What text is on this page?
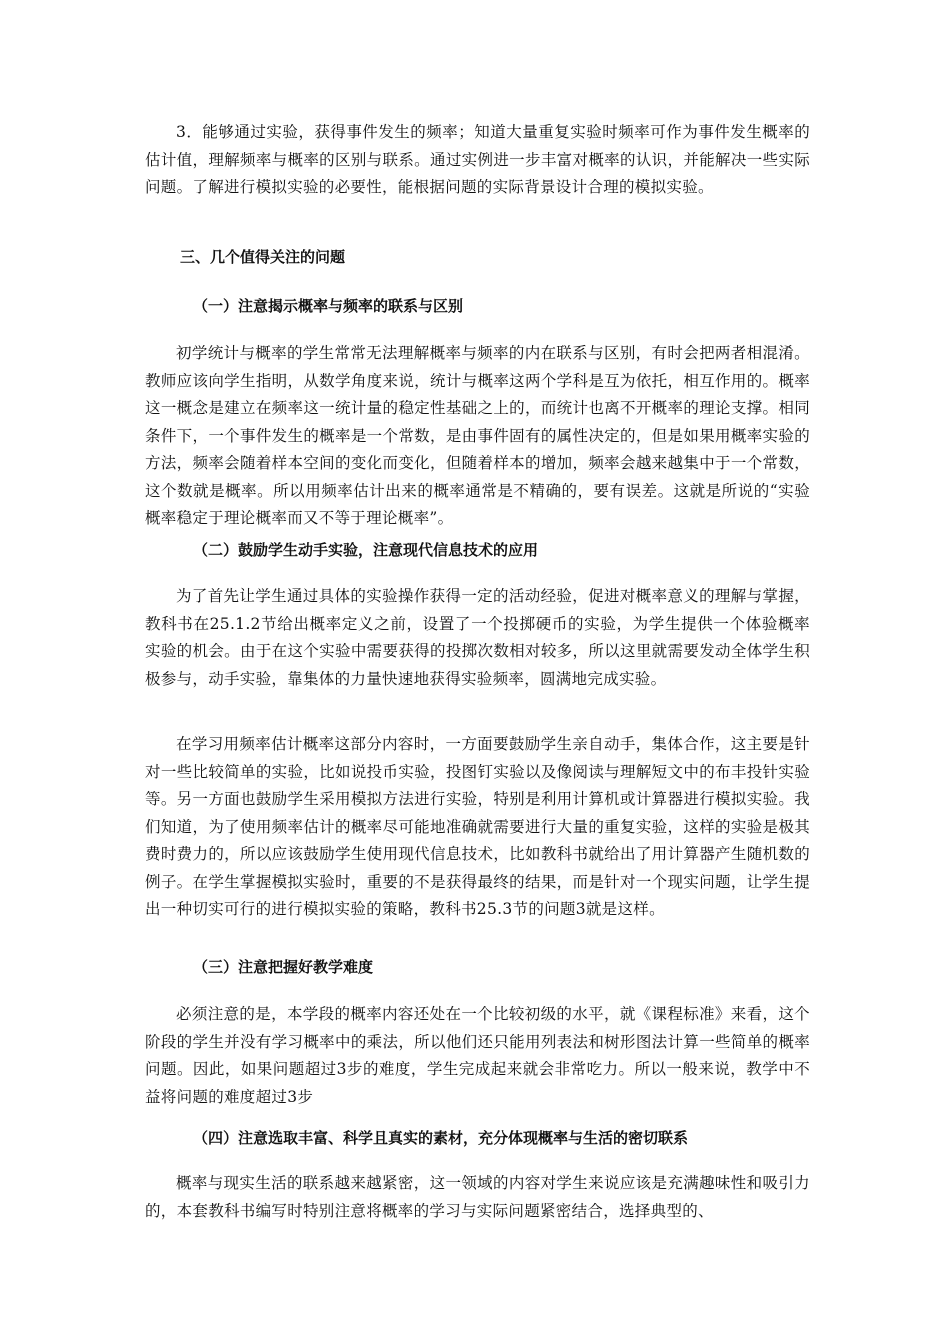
3．能够通过实验，获得事件发生的频率；知道大量重复实验时频率可作为事件发生概率的估计值，理解频率与概率的区别与联系。通过实例进一步丰富对概率的认识，并能解决一些实际问题。了解进行模拟实验的必要性，能根据问题的实际背景设计合理的模拟实验。

三、几个值得关注的问题

（一）注意揭示概率与频率的联系与区别

初学统计与概率的学生常常无法理解概率与频率的内在联系与区别，有时会把两者相混淆。教师应该向学生指明，从数学角度来说，统计与概率这两个学科是互为依托，相互作用的。概率这一概念是建立在频率这一统计量的稳定性基础之上的，而统计也离不开概率的理论支撑。相同条件下，一个事件发生的概率是一个常数，是由事件固有的属性决定的，但是如果用概率实验的方法，频率会随着样本空间的变化而变化，但随着样本的增加，频率会越来越集中于一个常数，这个数就是概率。所以用频率估计出来的概率通常是不精确的，要有误差。这就是所说的“实验概率稳定于理论概率而又不等于理论概率”。

（二）鼓励学生动手实验，注意现代信息技术的应用

为了首先让学生通过具体的实验操作获得一定的活动经验，促进对概率意义的理解与掌握，教科书在25.1.2节给出概率定义之前，设置了一个投掷硬币的实验，为学生提供一个体验概率实验的机会。由于在这个实验中需要获得的投掷次数相对较多，所以这里就需要发动全体学生积极参与，动手实验，靠集体的力量快速地获得实验频率，圆满地完成实验。

在学习用频率估计概率这部分内容时，一方面要鼓励学生亲自动手，集体合作，这主要是针对一些比较简单的实验，比如说投币实验，投图钉实验以及像阅读与理解短文中的布丰投针实验等。另一方面也鼓励学生采用模拟方法进行实验，特别是利用计算机或计算器进行模拟实验。我们知道，为了使用频率估计的概率尽可能地准确就需要进行大量的重复实验，这样的实验是极其费时费力的，所以应该鼓励学生使用现代信息技术，比如教科书就给出了用计算器产生随机数的例子。在学生掌握模拟实验时，重要的不是获得最终的结果，而是针对一个现实问题，让学生提出一种切实可行的进行模拟实验的策略，教科书25.3节的问题3就是这样。

（三）注意把握好教学难度

必须注意的是，本学段的概率内容还处在一个比较初级的水平，就《课程标准》来看，这个阶段的学生并没有学习概率中的乘法，所以他们还只能用列表法和树形图法计算一些简单的概率问题。因此，如果问题超过3步的难度，学生完成起来就会非常吃力。所以一般来说，教学中不益将问题的难度超过3步

（四）注意选取丰富、科学且真实的素材，充分体现概率与生活的密切联系

概率与现实生活的联系越来越紧密，这一领域的内容对学生来说应该是充满趣味性和吸引力的，本套教科书编写时特别注意将概率的学习与实际问题紧密结合，选择典型的、
